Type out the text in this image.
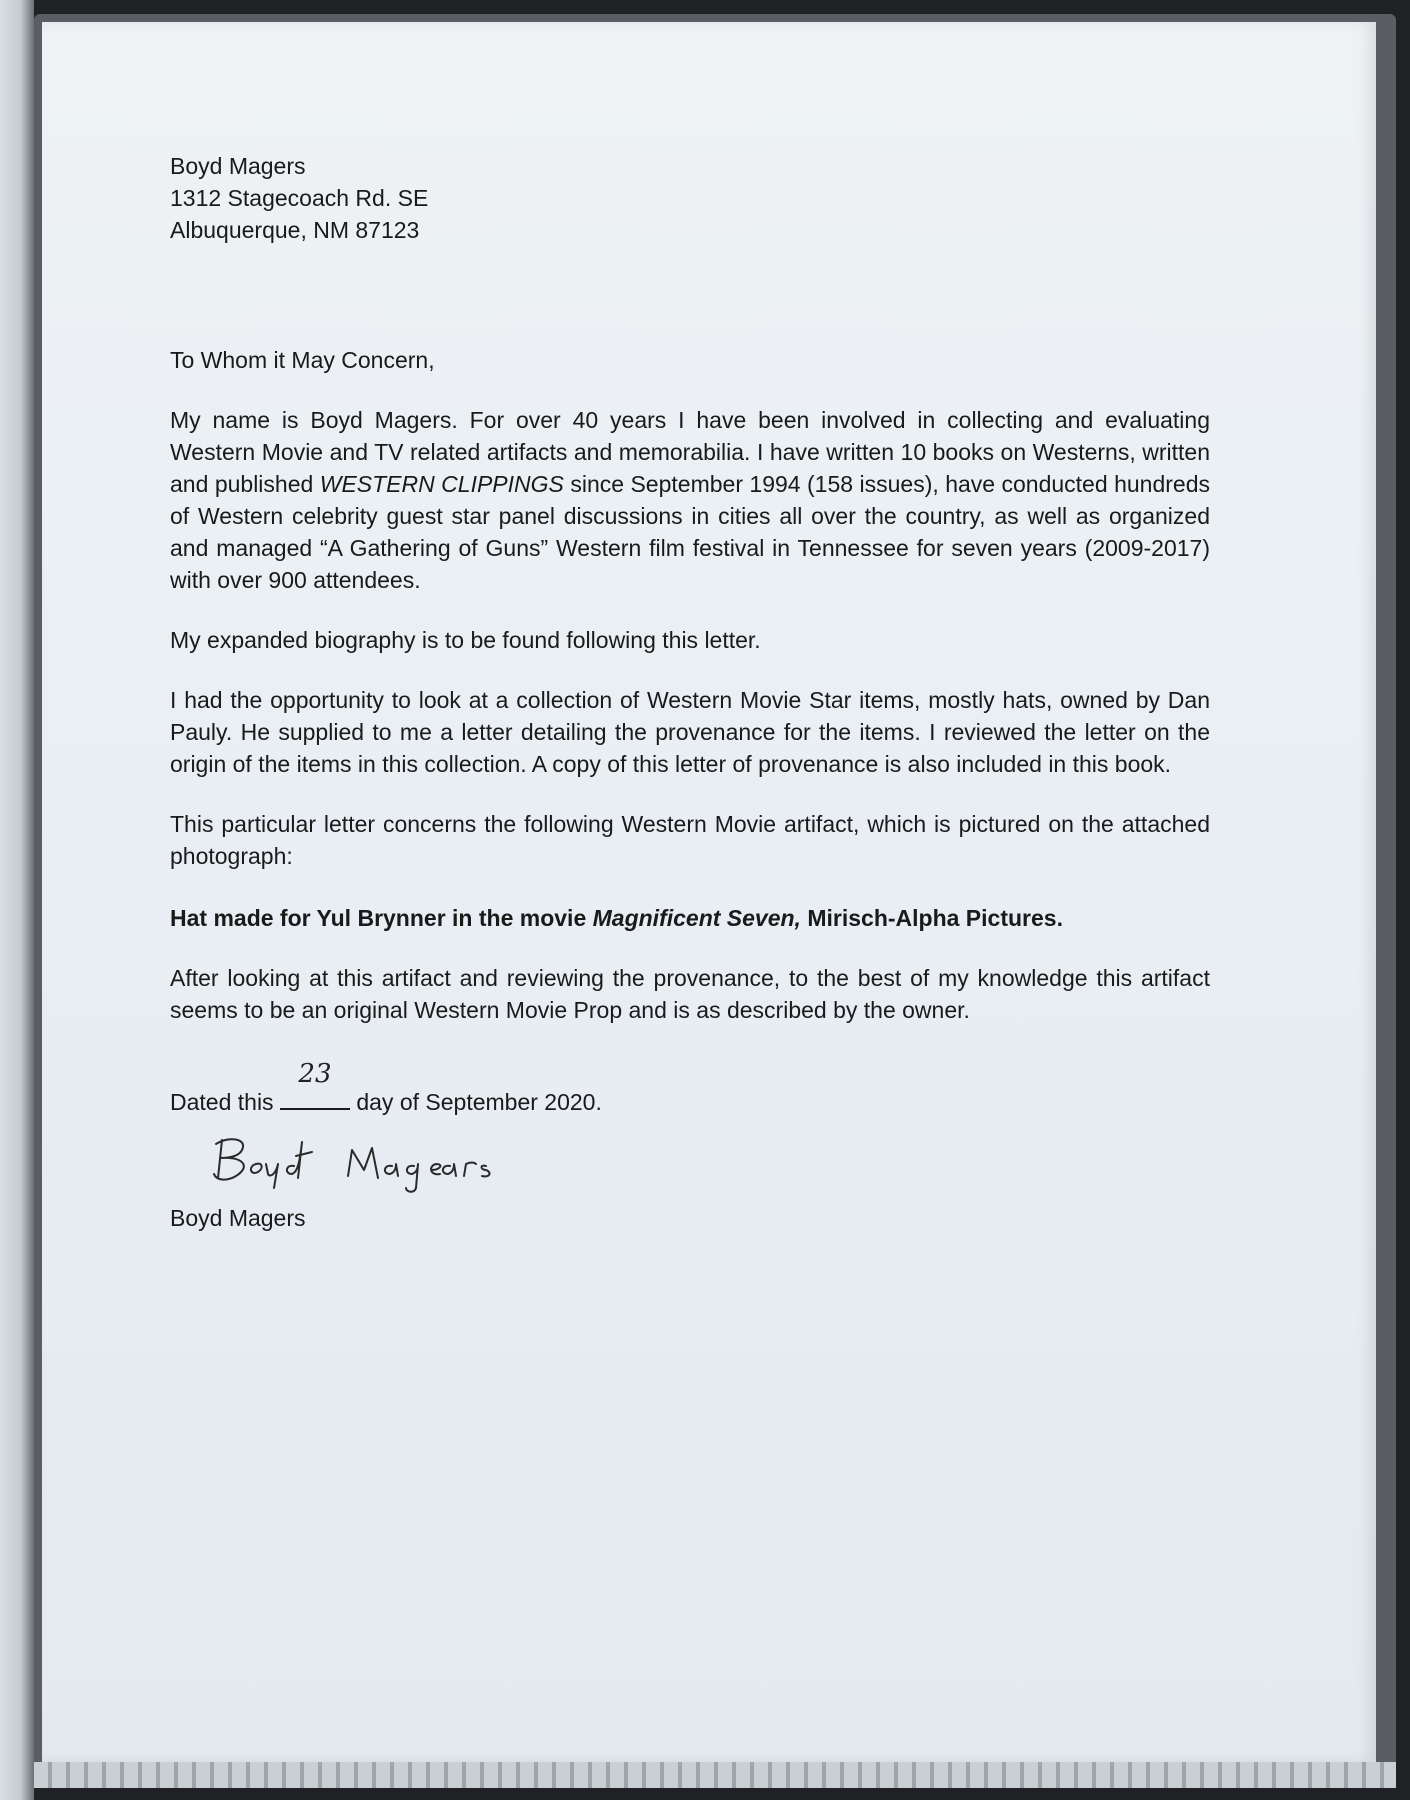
Boyd Magers
1312 Stagecoach Rd. SE
Albuquerque, NM 87123

To Whom it May Concern,

My name is Boyd Magers. For over 40 years I have been involved in collecting and evaluating Western Movie and TV related artifacts and memorabilia. I have written 10 books on Westerns, written and published WESTERN CLIPPINGS since September 1994 (158 issues), have conducted hundreds of Western celebrity guest star panel discussions in cities all over the country, as well as organized and managed “A Gathering of Guns” Western film festival in Tennessee for seven years (2009-2017) with over 900 attendees.

My expanded biography is to be found following this letter.

I had the opportunity to look at a collection of Western Movie Star items, mostly hats, owned by Dan Pauly. He supplied to me a letter detailing the provenance for the items. I reviewed the letter on the origin of the items in this collection. A copy of this letter of provenance is also included in this book.

This particular letter concerns the following Western Movie artifact, which is pictured on the attached photograph:

Hat made for Yul Brynner in the movie Magnificent Seven, Mirisch-Alpha Pictures.

After looking at this artifact and reviewing the provenance, to the best of my knowledge this artifact seems to be an original Western Movie Prop and is as described by the owner.

Dated this
23
day of September 2020.

Boyd Magers
